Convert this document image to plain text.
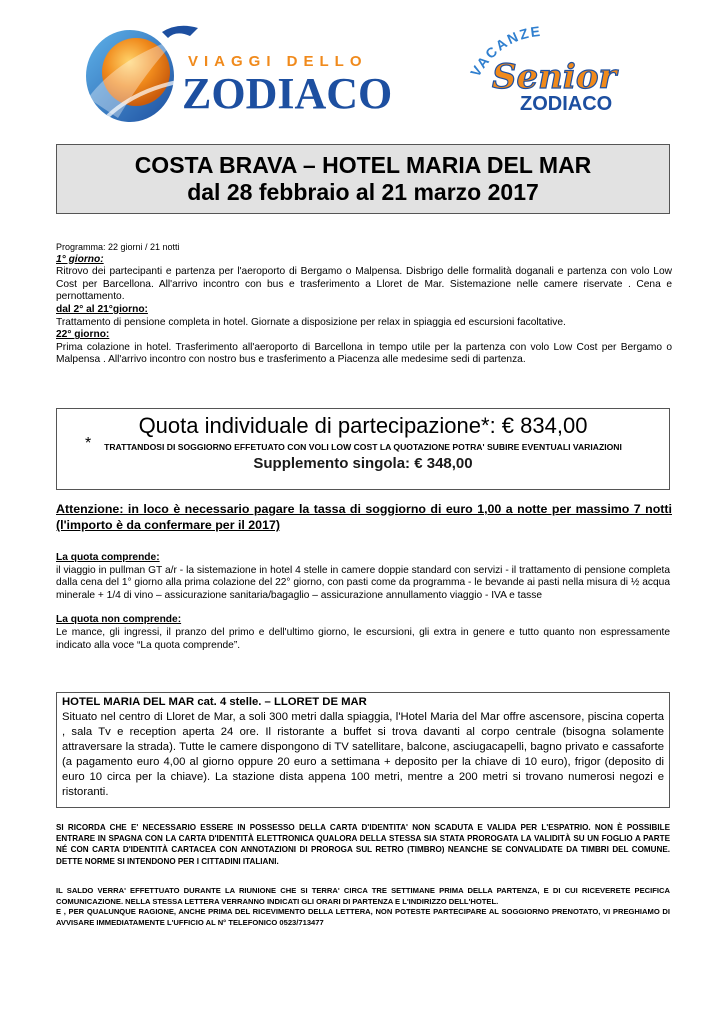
VIAGGI DELLO
ZODIACO	VACANZE
Senior
ZODIACO
COSTA BRAVA – HOTEL MARIA DEL MAR
dal 28 febbraio al 21 marzo 2017
Programma: 22 giorni / 21 notti
1° giorno:

Ritrovo dei partecipanti e partenza per l'aeroporto di Bergamo o Malpensa. Disbrigo delle formalità doganali e partenza con volo Low Cost per Barcellona. All'arrivo incontro con bus e trasferimento a Lloret de Mar. Sistemazione nelle camere riservate . Cena e pernottamento.

dal 2° al 21°giorno:

Trattamento di pensione completa in hotel. Giornate a disposizione per relax in spiaggia ed escursioni facoltative.

22° giorno:

Prima colazione in hotel. Trasferimento all'aeroporto di Barcellona in tempo utile per la partenza con volo Low Cost per Bergamo o Malpensa . All'arrivo incontro con nostro bus e trasferimento a Piacenza alle medesime sedi di partenza.

Quota individuale di partecipazione*: € 834,00
* TRATTANDOSI DI SOGGIORNO EFFETUATO CON VOLI LOW COST LA QUOTAZIONE POTRA' SUBIRE EVENTUALI VARIAZIONI
Supplemento singola: € 348,00
Attenzione: in loco è necessario pagare la tassa di soggiorno di euro 1,00 a notte per massimo 7 notti (l'importo è da confermare per il 2017)
La quota comprende:

il viaggio in pullman GT a/r - la sistemazione in hotel 4 stelle in camere doppie standard con servizi - il trattamento di pensione completa dalla cena del 1° giorno alla prima colazione del 22° giorno, con pasti come da programma - le bevande ai pasti nella misura di ½ acqua minerale + 1/4 di vino – assicurazione sanitaria/bagaglio – assicurazione annullamento viaggio - IVA e tasse

La quota non comprende:

Le mance, gli ingressi, il pranzo del primo e dell'ultimo giorno, le escursioni, gli extra in genere e tutto quanto non espressamente indicato alla voce “La quota comprende”.

HOTEL MARIA DEL MAR cat. 4 stelle. – LLORET DE MAR

Situato nel centro di Lloret de Mar, a soli 300 metri dalla spiaggia, l'Hotel Maria del Mar offre ascensore, piscina coperta , sala Tv e reception aperta 24 ore. Il ristorante a buffet si trova davanti al corpo centrale (bisogna solamente attraversare la strada). Tutte le camere dispongono di TV satellitare, balcone, asciugacapelli, bagno privato e cassaforte (a pagamento euro 4,00 al giorno oppure 20 euro a settimana + deposito per la chiave di 10 euro), frigor (deposito di euro 10 circa per la chiave). La stazione dista appena 100 metri, mentre a 200 metri si trovano numerosi negozi e ristoranti.

SI RICORDA CHE E' NECESSARIO ESSERE IN POSSESSO DELLA CARTA D'IDENTITA' NON SCADUTA E VALIDA PER L'ESPATRIO. NON È POSSIBILE ENTRARE IN SPAGNA CON LA CARTA D'IDENTITÀ ELETTRONICA QUALORA DELLA STESSA SIA STATA PROROGATA LA VALIDITÀ SU UN FOGLIO A PARTE NÉ CON CARTA D'IDENTITÀ CARTACEA CON ANNOTAZIONI DI PROROGA SUL RETRO (TIMBRO) NEANCHE SE CONVALIDATE DA TIMBRI DEL COMUNE. DETTE NORME SI INTENDONO PER I CITTADINI ITALIANI.

IL SALDO VERRA' EFFETTUATO DURANTE LA RIUNIONE CHE SI TERRA' CIRCA TRE SETTIMANE PRIMA DELLA PARTENZA, E DI CUI RICEVERETE PECIFICA COMUNICAZIONE. NELLA STESSA LETTERA VERRANNO INDICATI GLI ORARI DI PARTENZA E L'INDIRIZZO DELL'HOTEL.

E , PER QUALUNQUE RAGIONE, ANCHE PRIMA DEL RICEVIMENTO DELLA LETTERA, NON POTESTE PARTECIPARE AL SOGGIORNO PRENOTATO, VI PREGHIAMO DI AVVISARE IMMEDIATAMENTE L'UFFICIO AL N° TELEFONICO 0523/713477
